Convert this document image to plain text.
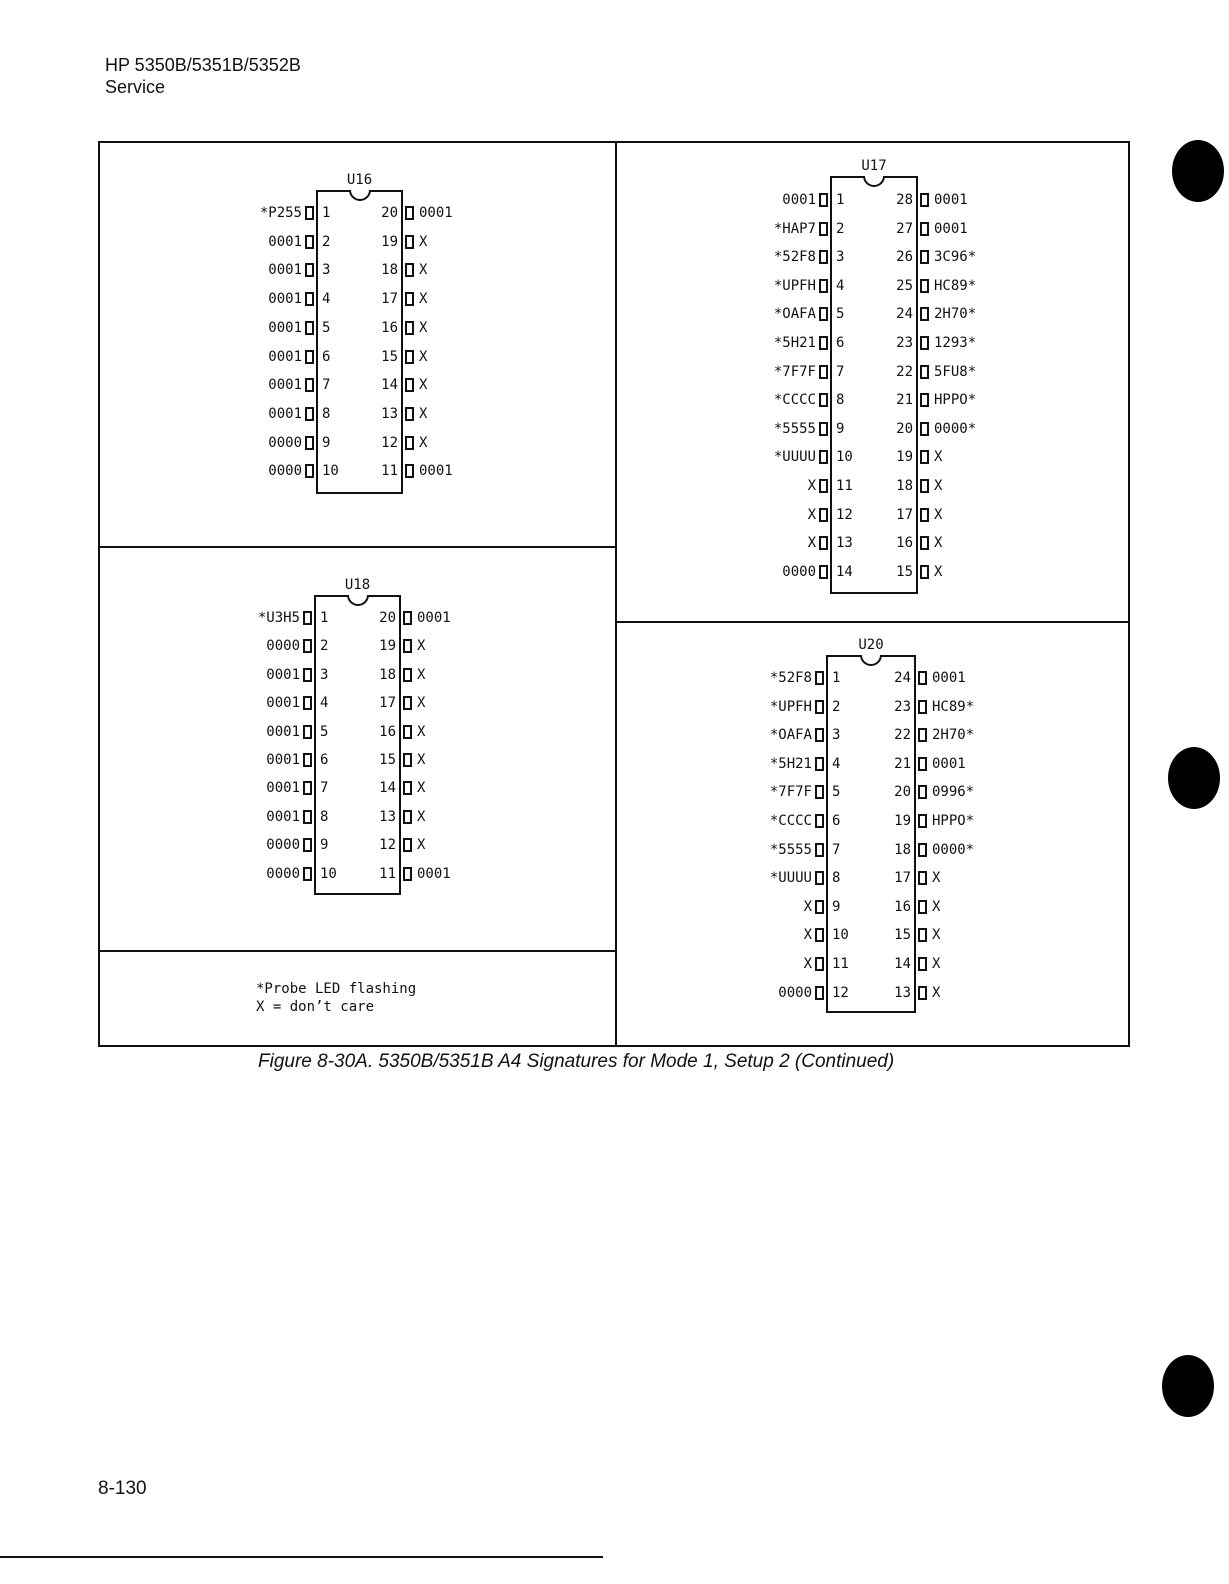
HP 5350B/5351B/5352B
Service
U16
*P255 1
0001 2
0001 3
0001 4
0001 5
0001 6
0001 7
0001 8
0000 9
0000 10
20 0001
19 X
18 X
17 X
16 X
15 X
14 X
13 X
12 X
11 0001
U17
0001 1
*HAP7 2
*52F8 3
*UPFH 4
*OAFA 5
*5H21 6
*7F7F 7
*CCCC 8
*5555 9
*UUUU 10
X 11
X 12
X 13
0000 14
28 0001
27 0001
26 3C96*
25 HC89*
24 2H70*
23 1293*
22 5FU8*
21 HPPO*
20 0000*
19 X
18 X
17 X
16 X
15 X
U18
*U3H5 1
0000 2
0001 3
0001 4
0001 5
0001 6
0001 7
0001 8
0000 9
0000 10
20 0001
19 X
18 X
17 X
16 X
15 X
14 X
13 X
12 X
11 0001
U20
*52F8 1
*UPFH 2
*OAFA 3
*5H21 4
*7F7F 5
*CCCC 6
*5555 7
*UUUU 8
X 9
X 10
X 11
0000 12
24 0001
23 HC89*
22 2H70*
21 0001
20 0996*
19 HPPO*
18 0000*
17 X
16 X
15 X
14 X
13 X
*Probe LED flashing
X = don’t care
Figure 8-30A. 5350B/5351B A4 Signatures for Mode 1, Setup 2 (Continued)
8-130
